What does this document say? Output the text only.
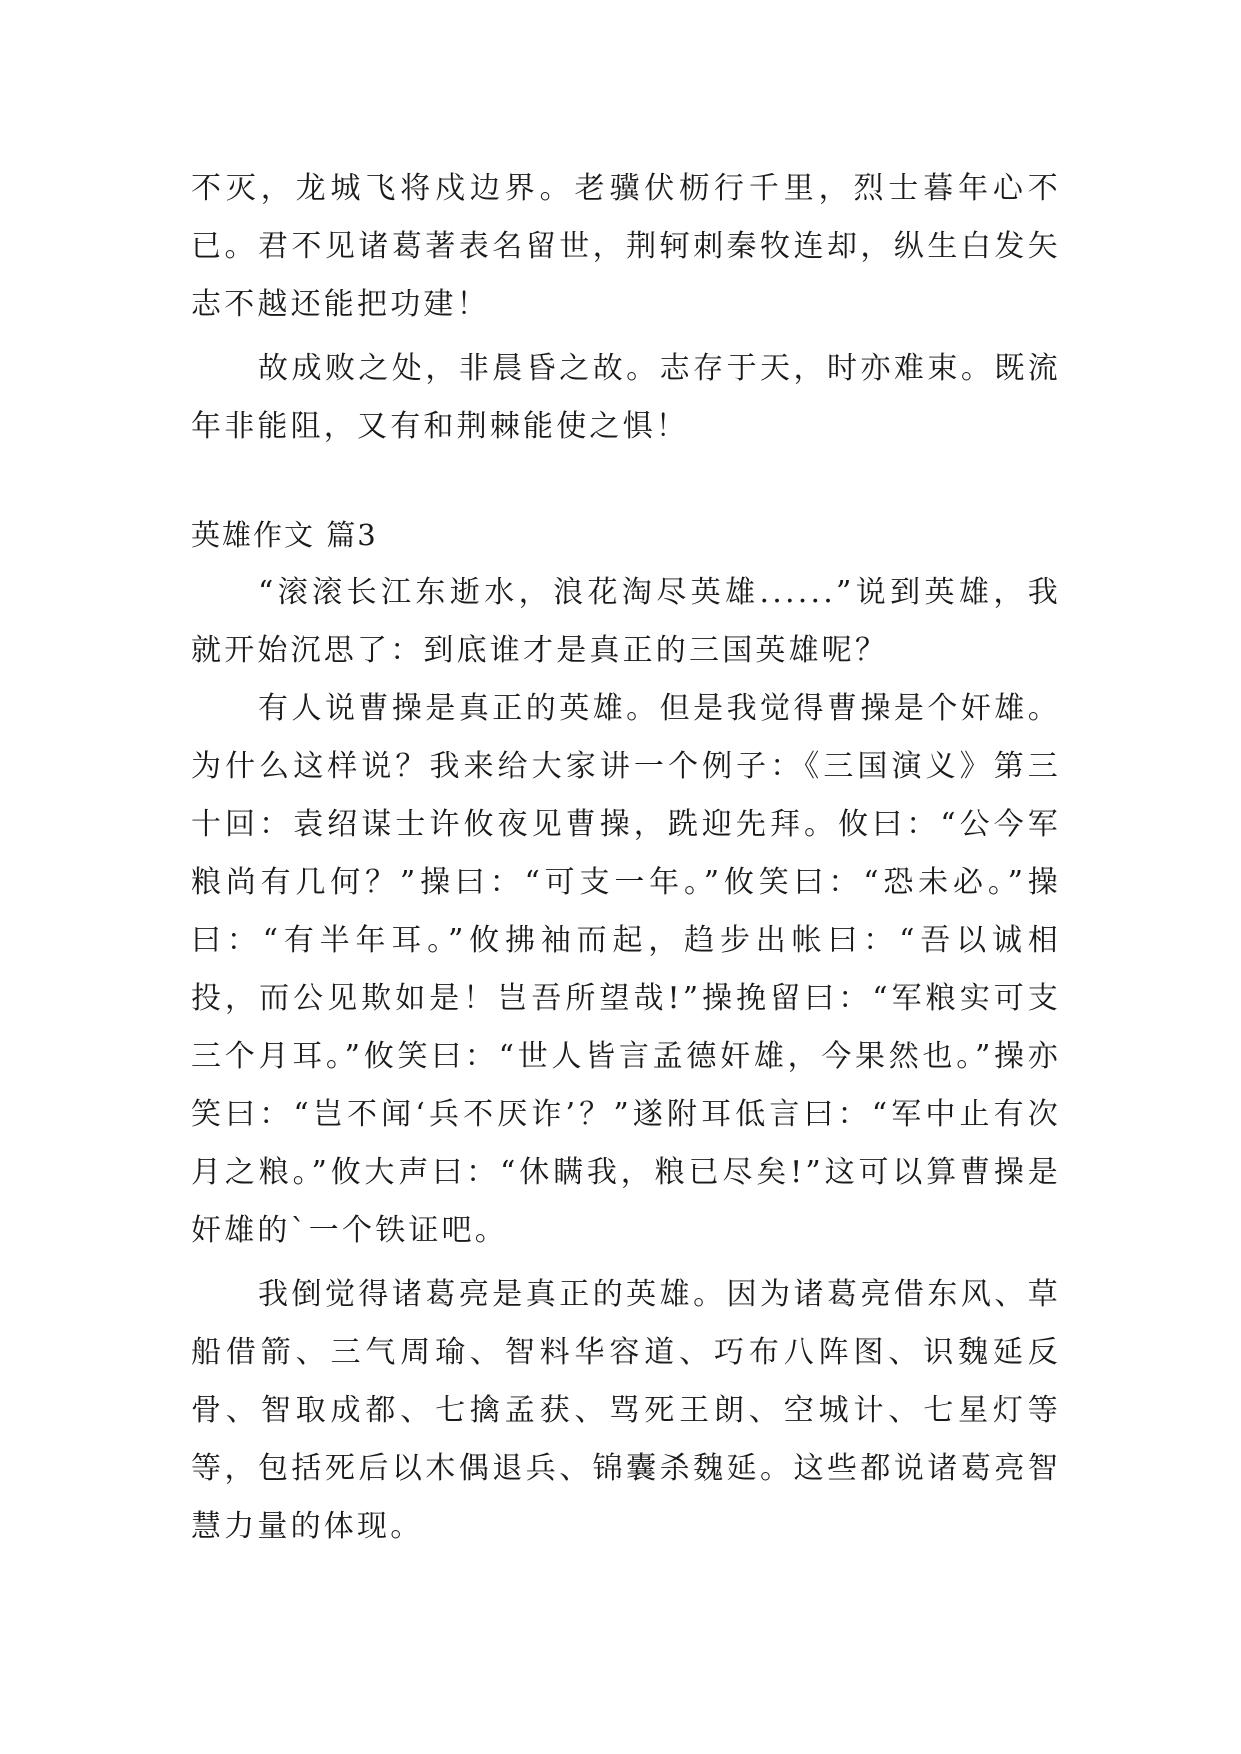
不灭，龙城飞将戍边界。老骥伏枥行千里，烈士暮年心不已。君不见诸葛著表名留世，荆轲刺秦牧连却，纵生白发矢志不越还能把功建！

故成败之处，非晨昏之故。志存于天，时亦难束。既流年非能阻，又有和荆棘能使之惧！

英雄作文 篇3

“滚滚长江东逝水，浪花淘尽英雄......”说到英雄，我就开始沉思了：到底谁才是真正的三国英雄呢？

有人说曹操是真正的英雄。但是我觉得曹操是个奸雄。为什么这样说？我来给大家讲一个例子：《三国演义》第三十回：袁绍谋士许攸夜见曹操，跣迎先拜。攸曰：“公今军粮尚有几何？”操曰：“可支一年。”攸笑曰：“恐未必。”操曰：“有半年耳。”攸拂袖而起，趋步出帐曰：“吾以诚相投，而公见欺如是！岂吾所望哉!”操挽留曰：“军粮实可支三个月耳。”攸笑曰：“世人皆言孟德奸雄，今果然也。”操亦笑曰：“岂不闻‘兵不厌诈’？”遂附耳低言曰：“军中止有次月之粮。”攸大声曰：“休瞒我，粮已尽矣!”这可以算曹操是奸雄的`一个铁证吧。

我倒觉得诸葛亮是真正的英雄。因为诸葛亮借东风、草船借箭、三气周瑜、智料华容道、巧布八阵图、识魏延反骨、智取成都、七擒孟获、骂死王朗、空城计、七星灯等等，包括死后以木偶退兵、锦囊杀魏延。这些都说诸葛亮智慧力量的体现。
